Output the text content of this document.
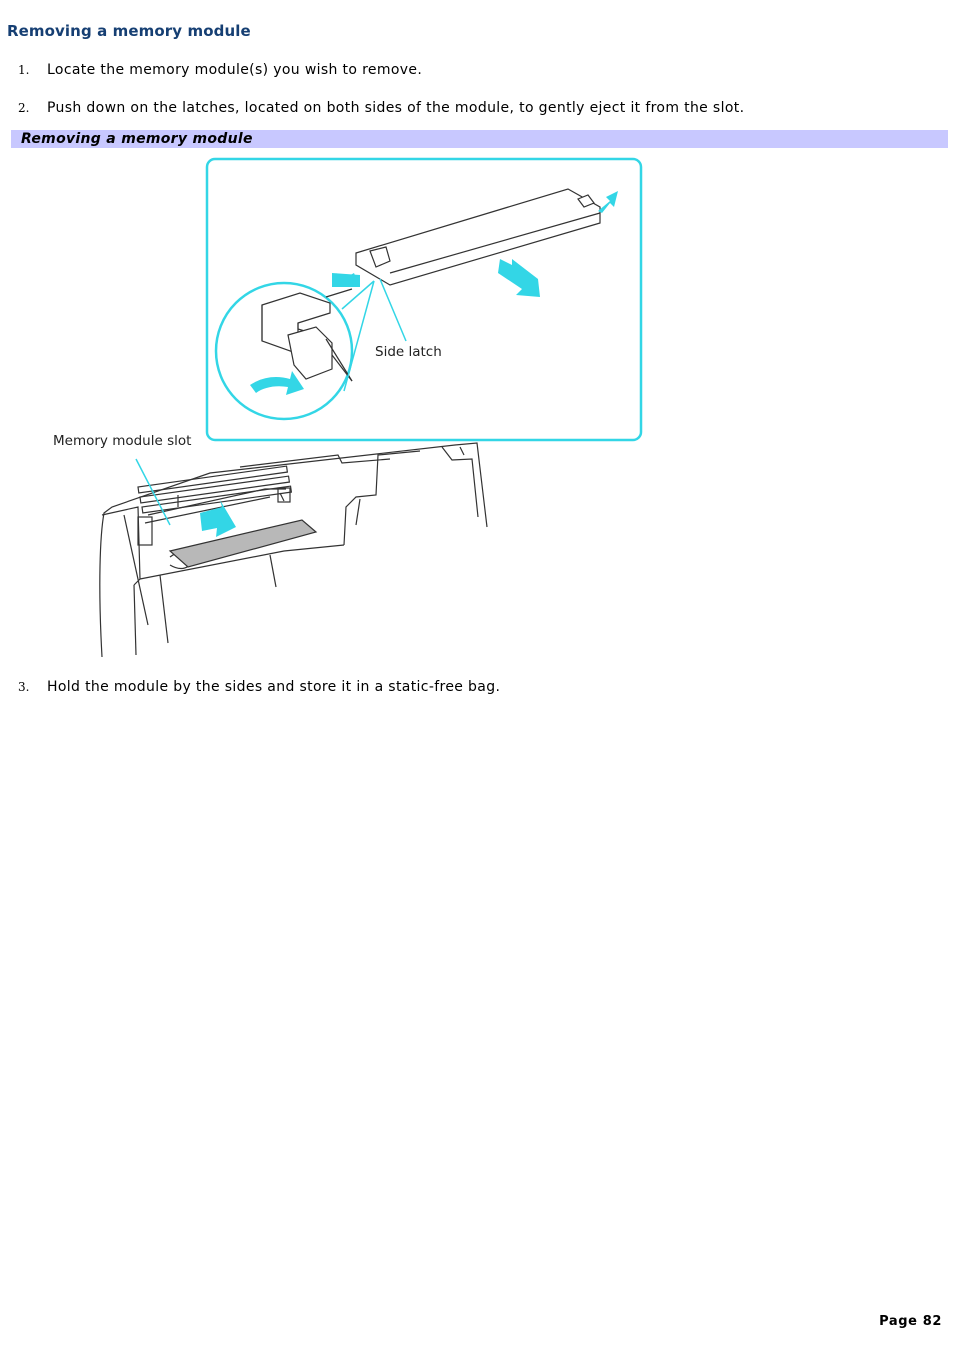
Removing a memory module
1. Locate the memory module(s) you wish to remove.
2. Push down on the latches, located on both sides of the module, to gently eject it from the slot.
Removing a memory module
Side latch
Memory module slot
3. Hold the module by the sides and store it in a static-free bag.
Page 82
